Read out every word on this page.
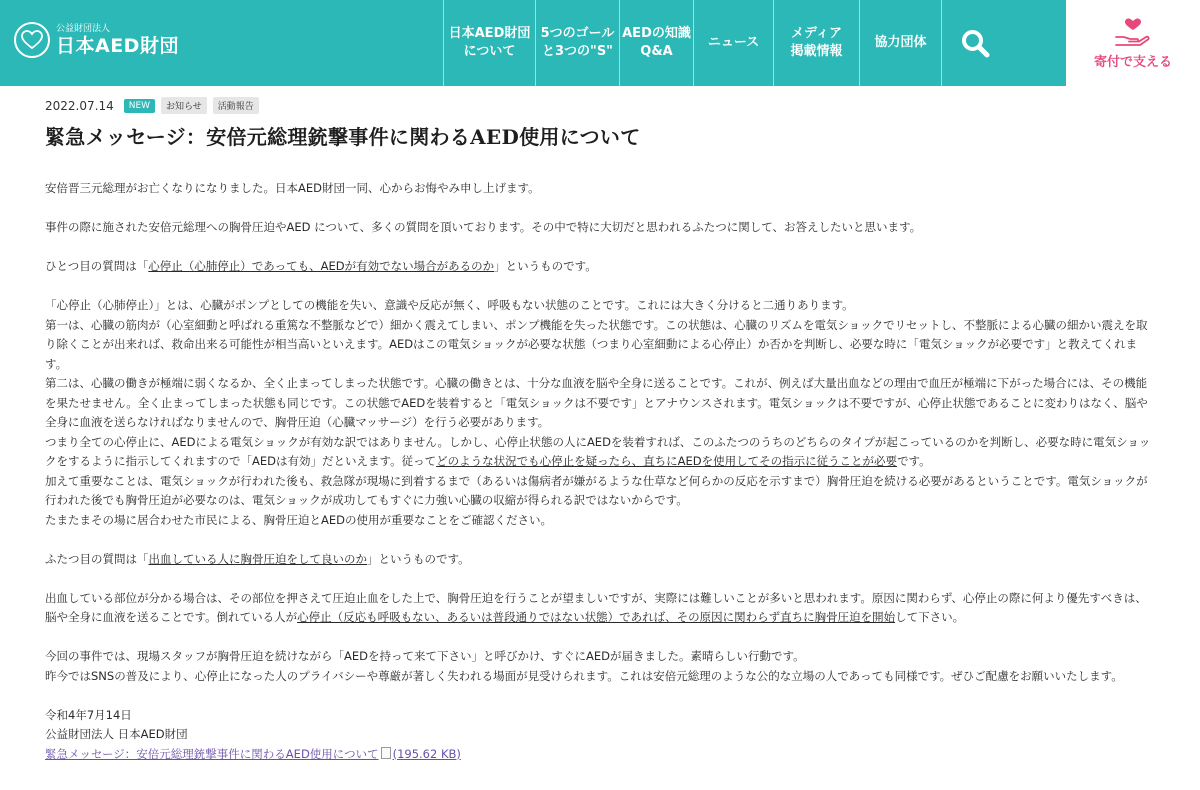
公益財団法人
日本AED財団
日本AED財団
について
5つのゴール
と3つの"S"
AEDの知識
Q&A
ニュース
メディア
掲載情報
協力団体
寄付で支える
2022.07.14	NEW	お知らせ	活動報告
緊急メッセージ：安倍元総理銃撃事件に関わるAED使用について

安倍晋三元総理がお亡くなりになりました。日本AED財団一同、心からお悔やみ申し上げます。

事件の際に施された安倍元総理への胸骨圧迫やAED について、多くの質問を頂いております。その中で特に大切だと思われるふたつに関して、お答えしたいと思います。

ひとつ目の質問は「心停止（心肺停止）であっても、AEDが有効でない場合があるのか」というものです。

「心停止（心肺停止）」とは、心臓がポンプとしての機能を失い、意識や反応が無く、呼吸もない状態のことです。これには大きく分けると二通りあります。

第一は、心臓の筋肉が（心室細動と呼ばれる重篤な不整脈などで）細かく震えてしまい、ポンプ機能を失った状態です。この状態は、心臓のリズムを電気ショックでリセットし、不整脈による心臓の細かい震えを取り除くことが出来れば、救命出来る可能性が相当高いといえます。AEDはこの電気ショックが必要な状態（つまり心室細動による心停止）か否かを判断し、必要な時に「電気ショックが必要です」と教えてくれます。

第二は、心臓の働きが極端に弱くなるか、全く止まってしまった状態です。心臓の働きとは、十分な血液を脳や全身に送ることです。これが、例えば大量出血などの理由で血圧が極端に下がった場合には、その機能を果たせません。全く止まってしまった状態も同じです。この状態でAEDを装着すると「電気ショックは不要です」とアナウンスされます。電気ショックは不要ですが、心停止状態であることに変わりはなく、脳や全身に血液を送らなければなりませんので、胸骨圧迫（心臓マッサージ）を行う必要があります。

つまり全ての心停止に、AEDによる電気ショックが有効な訳ではありません。しかし、心停止状態の人にAEDを装着すれば、このふたつのうちのどちらのタイプが起こっているのかを判断し、必要な時に電気ショックをするように指示してくれますので「AEDは有効」だといえます。従ってどのような状況でも心停止を疑ったら、直ちにAEDを使用してその指示に従うことが必要です。

加えて重要なことは、電気ショックが行われた後も、救急隊が現場に到着するまで（あるいは傷病者が嫌がるような仕草など何らかの反応を示すまで）胸骨圧迫を続ける必要があるということです。電気ショックが行われた後でも胸骨圧迫が必要なのは、電気ショックが成功してもすぐに力強い心臓の収縮が得られる訳ではないからです。

たまたまその場に居合わせた市民による、胸骨圧迫とAEDの使用が重要なことをご確認ください。

ふたつ目の質問は「出血している人に胸骨圧迫をして良いのか」というものです。

出血している部位が分かる場合は、その部位を押さえて圧迫止血をした上で、胸骨圧迫を行うことが望ましいですが、実際には難しいことが多いと思われます。原因に関わらず、心停止の際に何より優先すべきは、脳や全身に血液を送ることです。倒れている人が心停止（反応も呼吸もない、あるいは普段通りではない状態）であれば、その原因に関わらず直ちに胸骨圧迫を開始して下さい。

今回の事件では、現場スタッフが胸骨圧迫を続けながら「AEDを持って来て下さい」と呼びかけ、すぐにAEDが届きました。素晴らしい行動です。

昨今ではSNSの普及により、心停止になった人のプライバシーや尊厳が著しく失われる場面が見受けられます。これは安倍元総理のような公的な立場の人であっても同様です。ぜひご配慮をお願いいたします。

令和4年7月14日

公益財団法人 日本AED財団

緊急メッセージ：安倍元総理銃撃事件に関わるAED使用について (195.62 KB)
